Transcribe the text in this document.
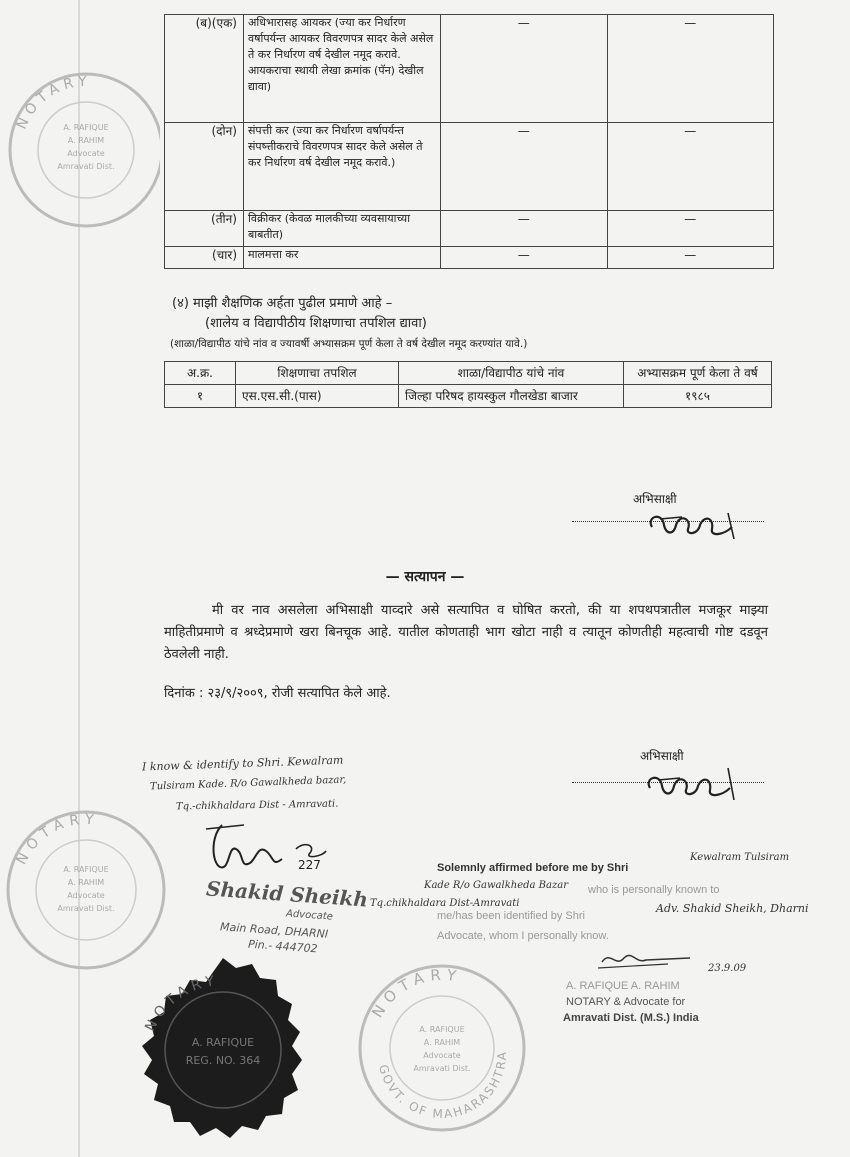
(ब)(एक)	अधिभारासह आयकर (ज्या कर निर्धारण वर्षापर्यन्त आयकर विवरणपत्र सादर केले असेल ते कर निर्धारण वर्ष देखील नमूद करावे. आयकराचा स्थायी लेखा क्रमांक (पॅन) देखील द्यावा)	—	—
(दोन)	संपत्ती कर (ज्या कर निर्धारण वर्षापर्यन्त संपष्त्तीकराचे विवरणपत्र सादर केले असेल ते कर निर्धारण वर्ष देखील नमूद करावे.)	—	—
(तीन)	विक्रीकर (केवळ मालकीच्या व्यवसायाच्या बाबतीत)	—	—
(चार)	मालमत्ता कर	—	—
(४) माझी शैक्षणिक अर्हता पुढील प्रमाणे आहे –
(शालेय व विद्यापीठीय शिक्षणाचा तपशिल द्यावा)
(शाळा/विद्यापीठ यांचे नांव व ज्यावर्षी अभ्यासक्रम पूर्ण केला ते वर्ष देखील नमूद करण्यांत यावे.)
अ.क्र.	शिक्षणाचा तपशिल	शाळा/विद्यापीठ यांचे नांव	अभ्यासक्रम पूर्ण केला ते वर्ष
१	एस.एस.सी.(पास)	जिल्हा परिषद हायस्कुल गौलखेडा बाजार	१९८५
अभिसाक्षी
— सत्यापन —
मी वर नाव असलेला अभिसाक्षी याव्दारे असे सत्यापित व घोषित करतो, की या शपथपत्रातील मजकूर माझ्या माहितीप्रमाणे व श्रध्देप्रमाणे खरा बिनचूक आहे. यातील कोणताही भाग खोटा नाही व त्यातून कोणतीही महत्वाची गोष्ट दडवून ठेवलेली नाही.
दिनांक : २३/९/२००९, रोजी सत्यापित केले आहे.
अभिसाक्षी
I know & identify to Shri. Kewalram
Tulsiram Kade. R/o Gawalkheda bazar,
Tq.-chikhaldara Dist - Amravati.
227
Shakid Sheikh
Advocate
Main Road, DHARNI
Pin.- 444702
Solemnly affirmed before me by Shri
Kewalram Tulsiram
Kade R/o Gawalkheda Bazar who is personally known to
Tq.chikhaldara Dist-Amravati
me/has been identified by Shri
Adv. Shakid Sheikh, Dharni
Advocate, whom I personally know.
23.9.09
A. RAFIQUE A. RAHIM
NOTARY & Advocate for
Amravati Dist. (M.S.) India
NOTARY
A. RAFIQUE
A. RAHIM
Advocate
Amravati Dist.
NOTARY
A. RAFIQUE
A. RAHIM
Advocate
Amravati Dist.
NOTARY
A. RAFIQUE
REG. NO. 364
NOTARY
GOVT. OF MAHARASHTRA
A. RAFIQUE
A. RAHIM
Advocate
Amravati Dist.
